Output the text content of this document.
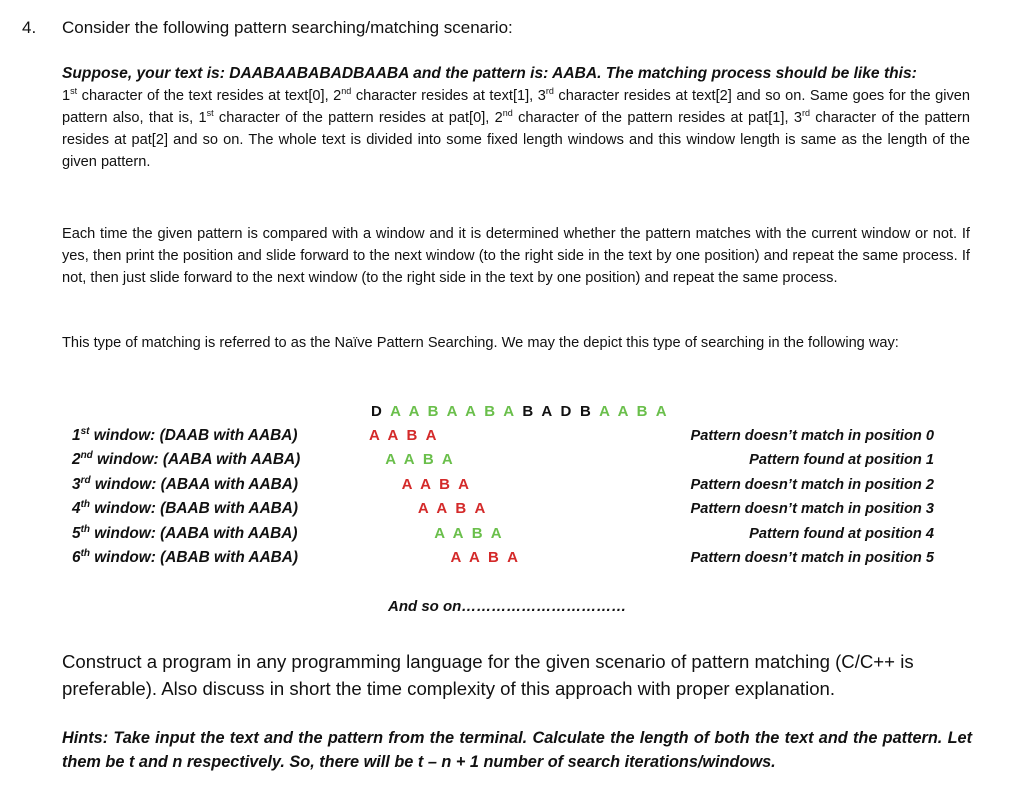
4. Consider the following pattern searching/matching scenario:
Suppose, your text is: DAABAABABADBAABA and the pattern is: AABA. The matching process should be like this:
1st character of the text resides at text[0], 2nd character resides at text[1], 3rd character resides at text[2] and so on. Same goes for the given pattern also, that is, 1st character of the pattern resides at pat[0], 2nd character of the pattern resides at pat[1], 3rd character of the pattern resides at pat[2] and so on. The whole text is divided into some fixed length windows and this window length is same as the length of the given pattern.
Each time the given pattern is compared with a window and it is determined whether the pattern matches with the current window or not. If yes, then print the position and slide forward to the next window (to the right side in the text by one position) and repeat the same process. If not, then just slide forward to the next window (to the right side in the text by one position) and repeat the same process.
This type of matching is referred to as the Naïve Pattern Searching. We may the depict this type of searching in the following way:
D A A B A A B A B A D B A A B A
1st window: (DAAB with AABA)	A A B A	Pattern doesn’t match in position 0
2nd window: (AABA with AABA)	A A B A	Pattern found at position 1
3rd window: (ABAA with AABA)	A A B A	Pattern doesn’t match in position 2
4th window: (BAAB with AABA)	A A B A	Pattern doesn’t match in position 3
5th window: (AABA with AABA)	A A B A	Pattern found at position 4
6th window: (ABAB with AABA)	A A B A	Pattern doesn’t match in position 5
And so on……………………………
Construct a program in any programming language for the given scenario of pattern matching (C/C++ is preferable). Also discuss in short the time complexity of this approach with proper explanation.
Hints: Take input the text and the pattern from the terminal. Calculate the length of both the text and the pattern. Let them be t and n respectively. So, there will be t – n + 1 number of search iterations/windows.
